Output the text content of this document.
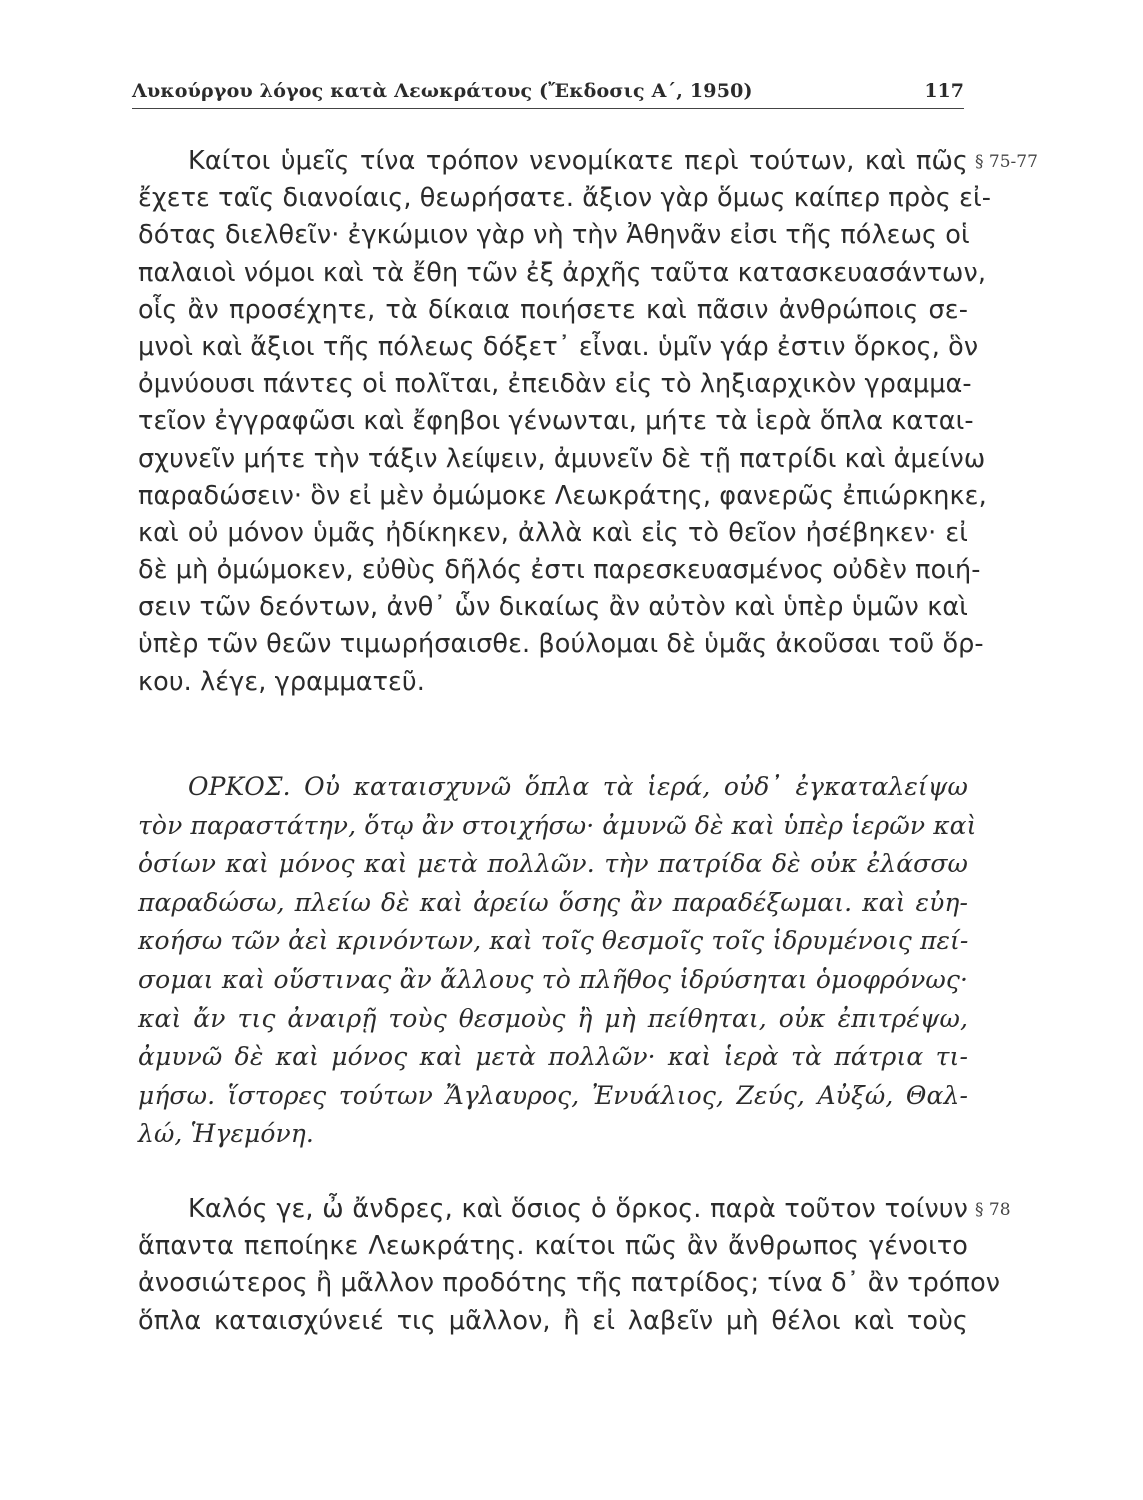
Λυκούργου λόγος κατὰ Λεωκράτους (Ἔκδοσις Α΄, 1950)	117
Καίτοι ὑμεῖς τίνα τρόπον νενομίκατε περὶ τούτων, καὶ πῶς
ἔχετε ταῖς διανοίαις, θεωρήσατε. ἄξιον γὰρ ὅμως καίπερ πρὸς εἰ-
δότας διελθεῖν· ἐγκώμιον γὰρ νὴ τὴν Ἀθηνᾶν εἰσι τῆς πόλεως οἱ
παλαιοὶ νόμοι καὶ τὰ ἔθη τῶν ἐξ ἀρχῆς ταῦτα κατασκευασάντων,
οἷς ἂν προσέχητε, τὰ δίκαια ποιήσετε καὶ πᾶσιν ἀνθρώποις σε-
μνοὶ καὶ ἄξιοι τῆς πόλεως δόξετ᾽ εἶναι. ὑμῖν γάρ ἐστιν ὅρκος, ὃν
ὀμνύουσι πάντες οἱ πολῖται, ἐπειδὰν εἰς τὸ ληξιαρχικὸν γραμμα-
τεῖον ἐγγραφῶσι καὶ ἔφηβοι γένωνται, μήτε τὰ ἱερὰ ὅπλα καται-
σχυνεῖν μήτε τὴν τάξιν λείψειν, ἀμυνεῖν δὲ τῇ πατρίδι καὶ ἀμείνω
παραδώσειν· ὃν εἰ μὲν ὀμώμοκε Λεωκράτης, φανερῶς ἐπιώρκηκε,
καὶ οὐ μόνον ὑμᾶς ἠδίκηκεν, ἀλλὰ καὶ εἰς τὸ θεῖον ἠσέβηκεν· εἰ
δὲ μὴ ὀμώμοκεν, εὐθὺς δῆλός ἐστι παρεσκευασμένος οὐδὲν ποιή-
σειν τῶν δεόντων, ἀνθ᾽ ὧν δικαίως ἂν αὐτὸν καὶ ὑπὲρ ὑμῶν καὶ
ὑπὲρ τῶν θεῶν τιμωρήσαισθε. βούλομαι δὲ ὑμᾶς ἀκοῦσαι τοῦ ὅρ-
κου. λέγε, γραμματεῦ.
§ 75-77
ΟΡΚΟΣ. Οὐ καταισχυνῶ ὅπλα τὰ ἱερά, οὐδ᾽ ἐγκαταλείψω
τὸν παραστάτην, ὅτῳ ἂν στοιχήσω· ἀμυνῶ δὲ καὶ ὑπὲρ ἱερῶν καὶ
ὁσίων καὶ μόνος καὶ μετὰ πολλῶν. τὴν πατρίδα δὲ οὐκ ἐλάσσω
παραδώσω, πλείω δὲ καὶ ἀρείω ὅσης ἂν παραδέξωμαι. καὶ εὐη-
κοήσω τῶν ἀεὶ κρινόντων, καὶ τοῖς θεσμοῖς τοῖς ἱδρυμένοις πεί-
σομαι καὶ οὕστινας ἂν ἄλλους τὸ πλῆθος ἱδρύσηται ὁμοφρόνως·
καὶ ἄν τις ἀναιρῇ τοὺς θεσμοὺς ἢ μὴ πείθηται, οὐκ ἐπιτρέψω,
ἀμυνῶ δὲ καὶ μόνος καὶ μετὰ πολλῶν· καὶ ἱερὰ τὰ πάτρια τι-
μήσω. ἵστορες τούτων Ἄγλαυρος, Ἐνυάλιος, Ζεύς, Αὐξώ, Θαλ-
λώ, Ἡγεμόνη.
Καλός γε, ὦ ἄνδρες, καὶ ὅσιος ὁ ὅρκος. παρὰ τοῦτον τοίνυν
ἅπαντα πεποίηκε Λεωκράτης. καίτοι πῶς ἂν ἄνθρωπος γένοιτο
ἀνοσιώτερος ἢ μᾶλλον προδότης τῆς πατρίδος; τίνα δ᾽ ἂν τρόπον
ὅπλα καταισχύνειέ τις μᾶλλον, ἢ εἰ λαβεῖν μὴ θέλοι καὶ τοὺς
§ 78
